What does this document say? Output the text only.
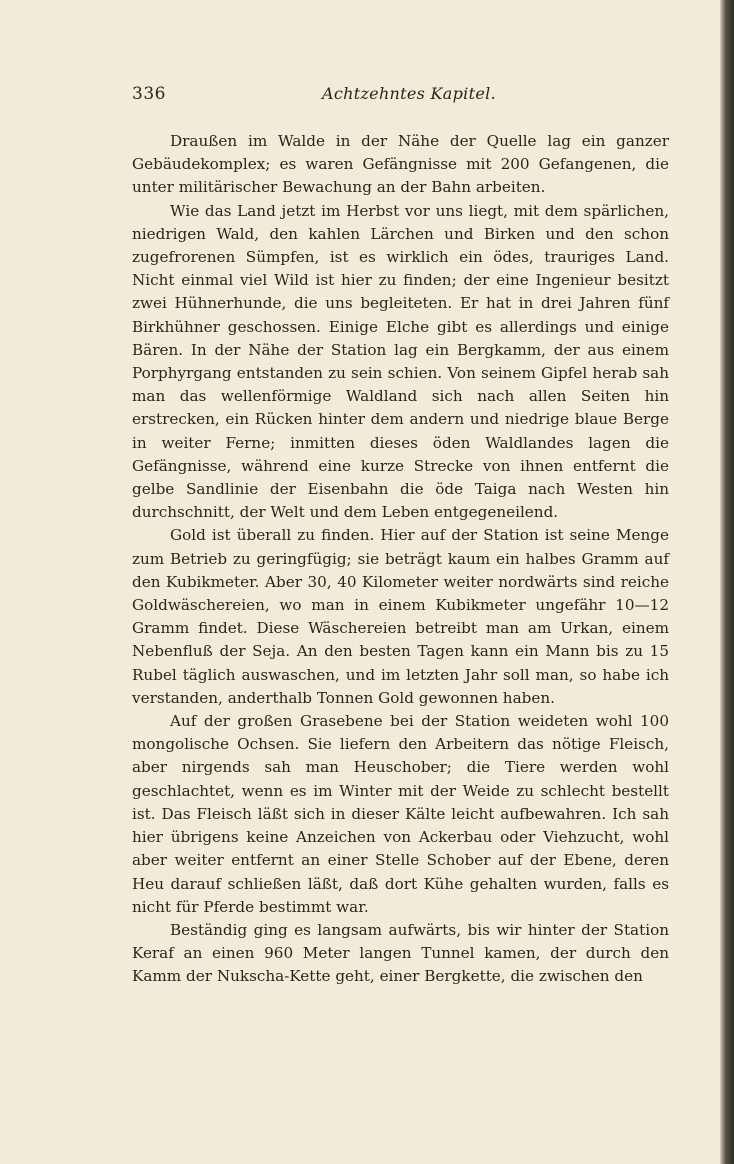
336	Achtzehntes Kapitel.

Draußen im Walde in der Nähe der Quelle lag ein ganzer Gebäudekomplex; es waren Gefängnisse mit 200 Gefangenen, die unter militärischer Bewachung an der Bahn arbeiten.

Wie das Land jetzt im Herbst vor uns liegt, mit dem spärlichen, niedrigen Wald, den kahlen Lärchen und Birken und den schon zugefrorenen Sümpfen, ist es wirklich ein ödes, trauriges Land. Nicht einmal viel Wild ist hier zu finden; der eine Ingenieur besitzt zwei Hühnerhunde, die uns begleiteten. Er hat in drei Jahren fünf Birkhühner geschossen. Einige Elche gibt es allerdings und einige Bären. In der Nähe der Station lag ein Bergkamm, der aus einem Porphyrgang entstanden zu sein schien. Von seinem Gipfel herab sah man das wellenförmige Waldland sich nach allen Seiten hin erstrecken, ein Rücken hinter dem andern und niedrige blaue Berge in weiter Ferne; inmitten dieses öden Waldlandes lagen die Gefängnisse, während eine kurze Strecke von ihnen entfernt die gelbe Sandlinie der Eisenbahn die öde Taiga nach Westen hin durchschnitt, der Welt und dem Leben entgegeneilend.

Gold ist überall zu finden. Hier auf der Station ist seine Menge zum Betrieb zu geringfügig; sie beträgt kaum ein halbes Gramm auf den Kubikmeter. Aber 30, 40 Kilometer weiter nordwärts sind reiche Goldwäschereien, wo man in einem Kubikmeter ungefähr 10—12 Gramm findet. Diese Wäschereien betreibt man am Urkan, einem Nebenfluß der Seja. An den besten Tagen kann ein Mann bis zu 15 Rubel täglich auswaschen, und im letzten Jahr soll man, so habe ich verstanden, anderthalb Tonnen Gold gewonnen haben.

Auf der großen Grasebene bei der Station weideten wohl 100 mongolische Ochsen. Sie liefern den Arbeitern das nötige Fleisch, aber nirgends sah man Heuschober; die Tiere werden wohl geschlachtet, wenn es im Winter mit der Weide zu schlecht bestellt ist. Das Fleisch läßt sich in dieser Kälte leicht aufbewahren. Ich sah hier übrigens keine Anzeichen von Ackerbau oder Viehzucht, wohl aber weiter entfernt an einer Stelle Schober auf der Ebene, deren Heu darauf schließen läßt, daß dort Kühe gehalten wurden, falls es nicht für Pferde bestimmt war.

Beständig ging es langsam aufwärts, bis wir hinter der Station Keraf an einen 960 Meter langen Tunnel kamen, der durch den Kamm der Nukscha-Kette geht, einer Bergkette, die zwischen den
